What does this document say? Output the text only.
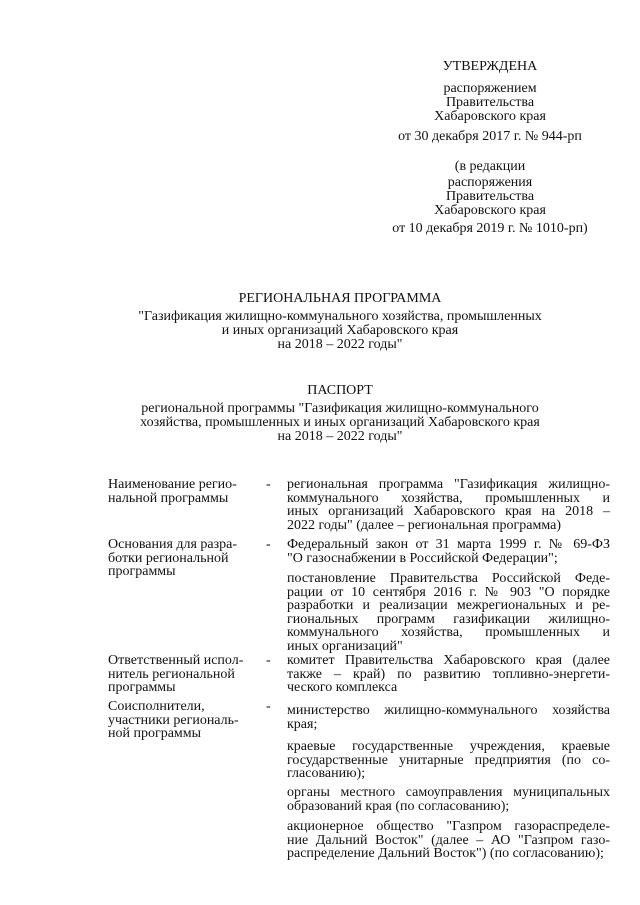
УТВЕРЖДЕНА
распоряжением
Правительства
Хабаровского края
от 30 декабря 2017 г. № 944-рп
(в редакции
распоряжения
Правительства
Хабаровского края
от 10 декабря 2019 г. № 1010-рп)
РЕГИОНАЛЬНАЯ ПРОГРАММА
"Газификация жилищно-коммунального хозяйства, промышленных
и иных организаций Хабаровского края
на 2018 – 2022 годы"
ПАСПОРТ
региональной программы "Газификация жилищно-коммунального
хозяйства, промышленных и иных организаций Хабаровского края
на 2018 – 2022 годы"
Наименование регио-
нальной программы
- региональная программа "Газификация жилищно-
коммунального хозяйства, промышленных и
иных организаций Хабаровского края на 2018 –
2022 годы" (далее – региональная программа)
Основания для разра-
ботки региональной
программы
- Федеральный закон от 31 марта 1999 г. № 69-ФЗ
"О газоснабжении в Российской Федерации";
постановление Правительства Российской Феде-
рации от 10 сентября 2016 г. № 903 "О порядке
разработки и реализации межрегиональных и ре-
гиональных программ газификации жилищно-
коммунального хозяйства, промышленных и
иных организаций"
Ответственный испол-
нитель региональной
программы
- комитет Правительства Хабаровского края (далее
также – край) по развитию топливно-энергети-
ческого комплекса
Соисполнители,
участники региональ-
ной программы
- министерство жилищно-коммунального хозяйства
края;
краевые государственные учреждения, краевые
государственные унитарные предприятия (по со-
гласованию);
органы местного самоуправления муниципальных
образований края (по согласованию);
акционерное общество "Газпром газораспределе-
ние Дальний Восток" (далее – АО "Газпром газо-
распределение Дальний Восток") (по согласованию);
